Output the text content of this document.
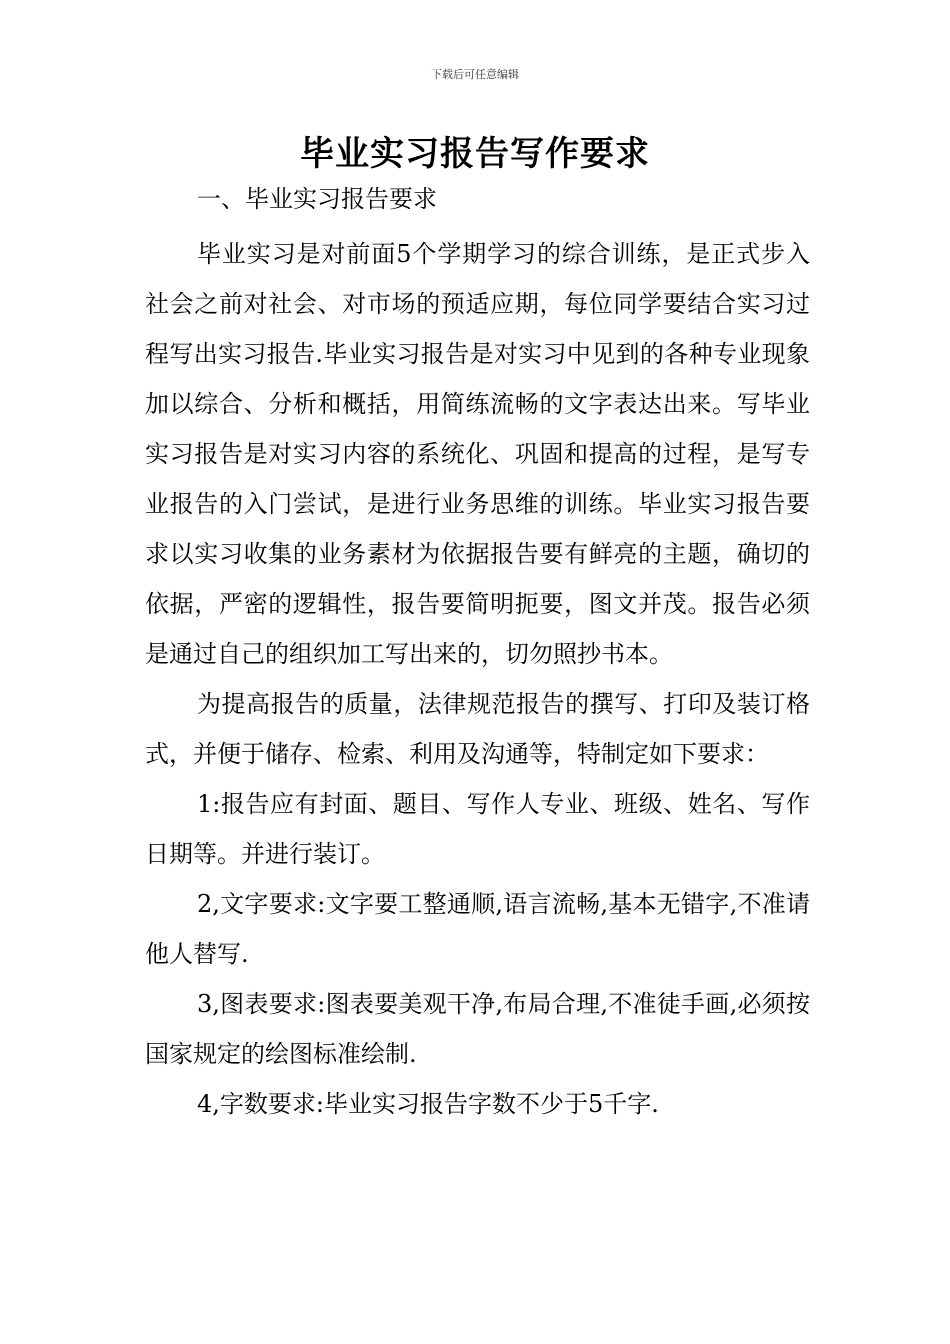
下载后可任意编辑
毕业实习报告写作要求

一、毕业实习报告要求

毕业实习是对前面5个学期学习的综合训练，是正式步入社会之前对社会、对市场的预适应期，每位同学要结合实习过程写出实习报告.毕业实习报告是对实习中见到的各种专业现象加以综合、分析和概括，用简练流畅的文字表达出来。写毕业实习报告是对实习内容的系统化、巩固和提高的过程，是写专业报告的入门尝试，是进行业务思维的训练。毕业实习报告要求以实习收集的业务素材为依据报告要有鲜亮的主题，确切的依据，严密的逻辑性，报告要简明扼要，图文并茂。报告必须是通过自己的组织加工写出来的，切勿照抄书本。

为提高报告的质量，法律规范报告的撰写、打印及装订格式，并便于储存、检索、利用及沟通等，特制定如下要求：

1:报告应有封面、题目、写作人专业、班级、姓名、写作日期等。并进行装订。

2,文字要求:文字要工整通顺,语言流畅,基本无错字,不准请他人替写.

3,图表要求:图表要美观干净,布局合理,不准徒手画,必须按国家规定的绘图标准绘制.

4,字数要求:毕业实习报告字数不少于5千字.
